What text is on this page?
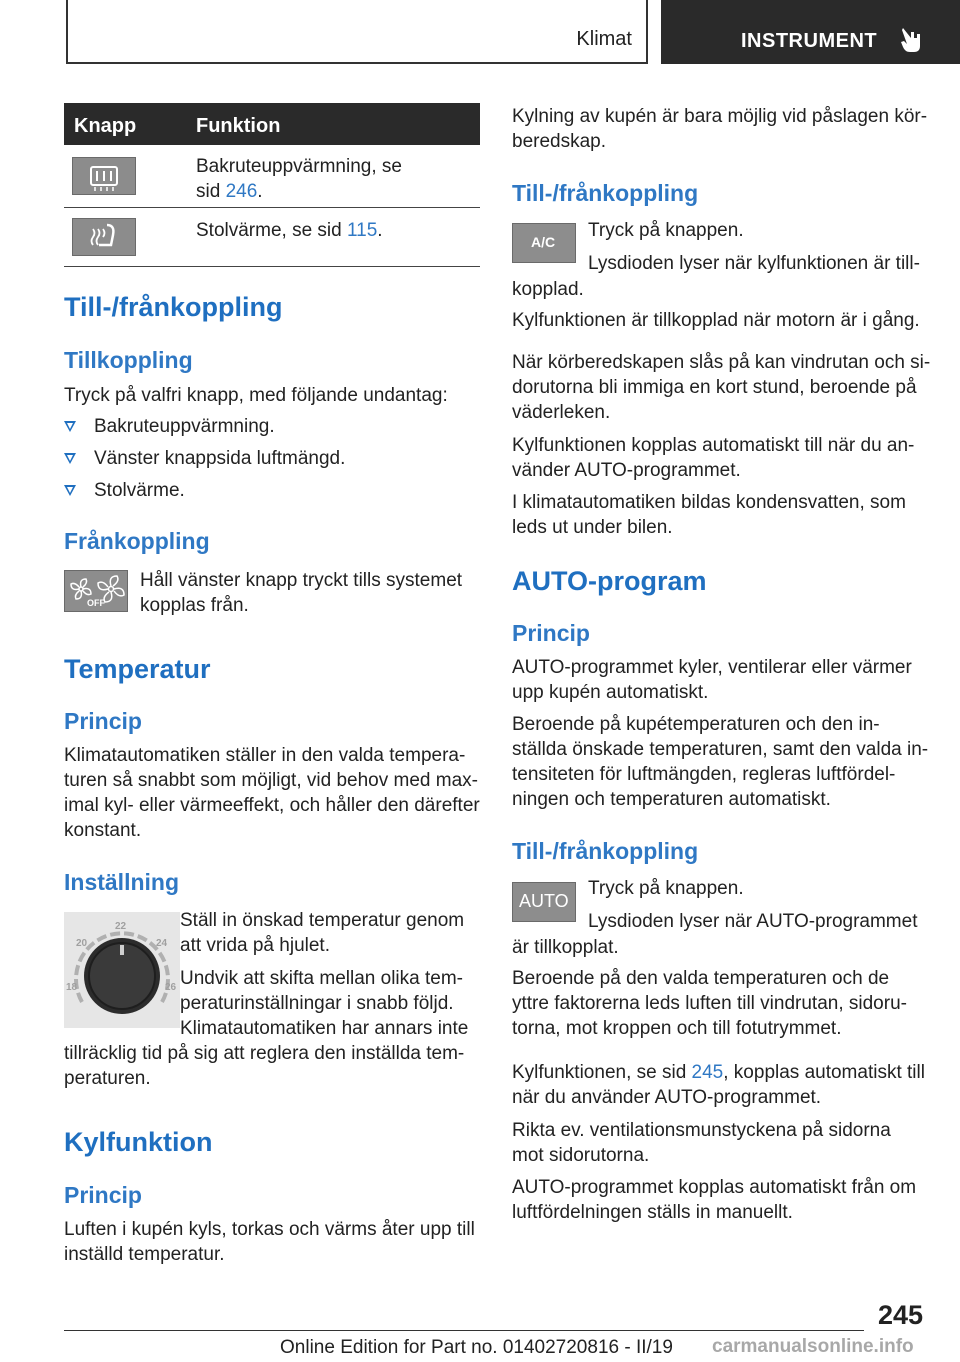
Klimat	INSTRUMENT
Knapp	Funktion
Bakruteuppvärmning, se
sid 246.
Stolvärme, se sid 115.
Till-/frånkoppling
Tillkoppling
Tryck på valfri knapp, med följande undantag:
Bakruteuppvärmning.
Vänster knappsida luftmängd.
Stolvärme.
Frånkoppling
OFF
Håll vänster knapp tryckt tills systemet
kopplas från.
Temperatur
Princip
Klimatautomatiken ställer in den valda tempera-
turen så snabbt som möjligt, vid behov med max-
imal kyl- eller värmeeffekt, och håller den därefter
konstant.
Inställning
22
20	24
18	26
Ställ in önskad temperatur genom
att vrida på hjulet.
Undvik att skifta mellan olika tem-
peraturinställningar i snabb följd.
Klimatautomatiken har annars inte
tillräcklig tid på sig att reglera den inställda tem-
peraturen.
Kylfunktion
Princip
Luften i kupén kyls, torkas och värms åter upp till
inställd temperatur.
Kylning av kupén är bara möjlig vid påslagen kör-
beredskap.
Till-/frånkoppling
A/C
Tryck på knappen.
Lysdioden lyser när kylfunktionen är till-
kopplad.
Kylfunktionen är tillkopplad när motorn är i gång.
När körberedskapen slås på kan vindrutan och si-
dorutorna bli immiga en kort stund, beroende på
väderleken.
Kylfunktionen kopplas automatiskt till när du an-
vänder AUTO-programmet.
I klimatautomatiken bildas kondensvatten, som
leds ut under bilen.
AUTO-program
Princip
AUTO-programmet kyler, ventilerar eller värmer
upp kupén automatiskt.
Beroende på kupétemperaturen och den in-
ställda önskade temperaturen, samt den valda in-
tensiteten för luftmängden, regleras luftfördel-
ningen och temperaturen automatiskt.
Till-/frånkoppling
AUTO
Tryck på knappen.
Lysdioden lyser när AUTO-programmet
är tillkopplat.
Beroende på den valda temperaturen och de
yttre faktorerna leds luften till vindrutan, sidoru-
torna, mot kroppen och till fotutrymmet.
Kylfunktionen, se sid 245, kopplas automatiskt till
när du använder AUTO-programmet.
Rikta ev. ventilationsmunstyckena på sidorna
mot sidorutorna.
AUTO-programmet kopplas automatiskt från om
luftfördelningen ställs in manuellt.
245
Online Edition for Part no. 01402720816 - II/19 carmanualsonline.info
